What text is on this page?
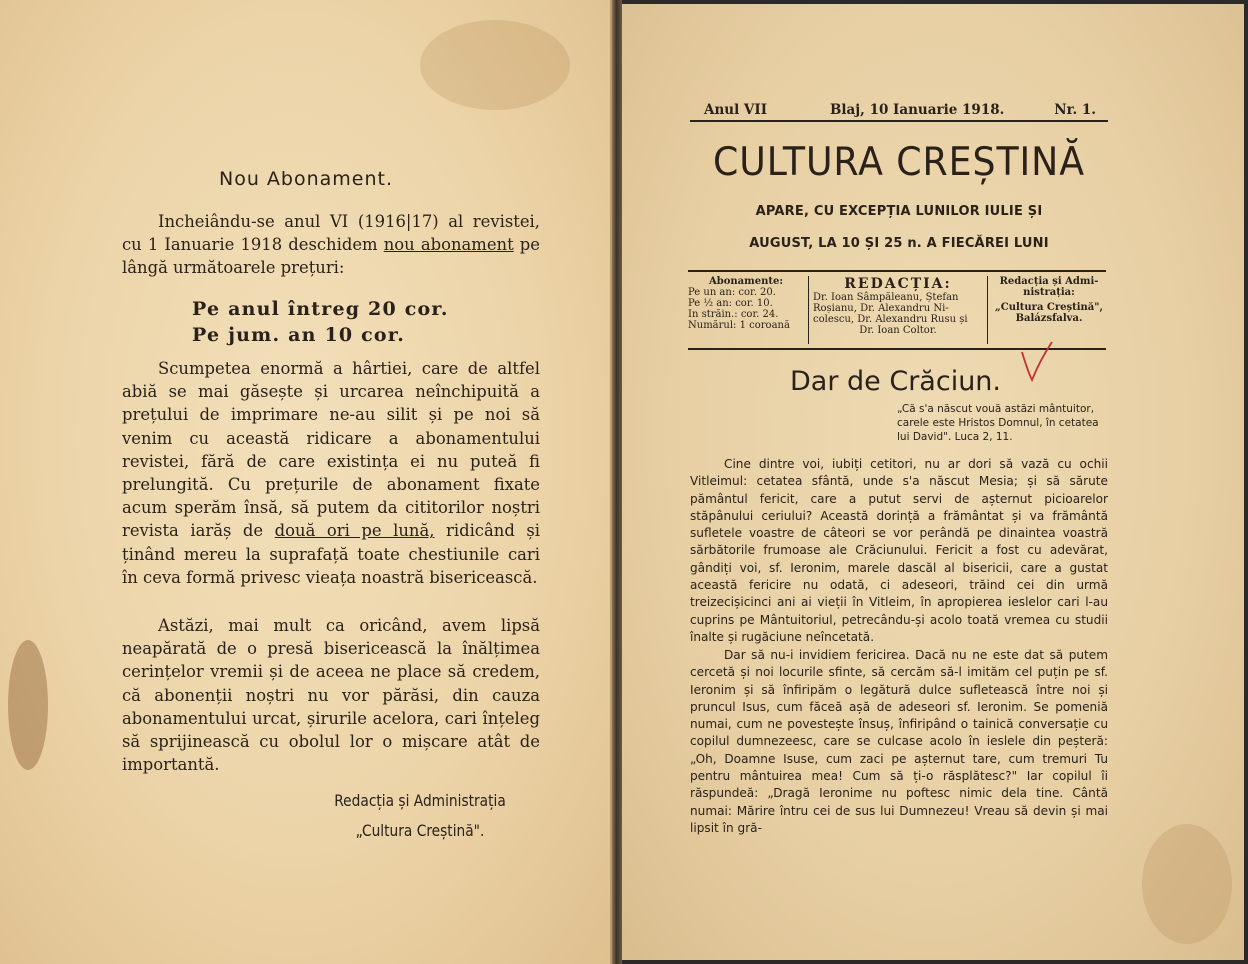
Nou Abonament.

Incheiându-se anul VI (1916|17) al revistei, cu 1 Ianuarie 1918 deschidem nou abonament pe lângă următoarele prețuri:

Pe anul întreg 20 cor.
Pe jum. an 10 cor.

Scumpetea enormă a hârtiei, care de altfel abiă se mai găsește și urcarea neînchipuită a prețului de imprimare ne-au silit și pe noi să venim cu această ridicare a abonamentului revistei, fără de care existința ei nu puteă fi prelungită. Cu prețurile de abonament fixate acum sperăm însă, să putem da cititorilor noștri revista iarăș de două ori pe lună, ridicând și ținând mereu la suprafață toate chestiunile cari în ceva formă privesc vieața noastră bisericească.

Astăzi, mai mult ca oricând, avem lipsă neapărată de o presă bisericească la înălțimea cerințelor vremii și de aceea ne place să credem, că abonenții noștri nu vor părăsi, din cauza abonamentului urcat, șirurile acelora, cari înțeleg să sprijinească cu obolul lor o mișcare atât de importantă.

Redacția și Administrația
„Cultura Creștină".
Anul VII	Blaj, 10 Ianuarie 1918.	Nr. 1.
CULTURA CREȘTINĂ
APARE, CU EXCEPȚIA LUNILOR IULIE ȘI
AUGUST, LA 10 ȘI 25 n. A FIECĂREI LUNI
Abonamente:
Pe un an: cor. 20.
Pe ½ an: cor. 10.
In străin.: cor. 24.
Numărul: 1 coroană
REDACȚIA:
Dr. Ioan Sâmpăleanu, Ștefan
Roșianu, Dr. Alexandru Ni-
colescu, Dr. Alexandru Rusu și
Dr. Ioan Coltor.
Redacția și Admi-
nistrația:
„Cultura Creștină",
Balázsfalva.
Dar de Crăciun.
„Că s'a născut vouă astăzi mântuitor, carele este Hristos Domnul, în cetatea lui David". Luca 2, 11.

Cine dintre voi, iubiți cetitori, nu ar dori să vază cu ochii Vitleimul: cetatea sfântă, unde s'a născut Mesia; și să sărute pământul fericit, care a putut servi de așternut picioarelor stăpânului ceriului? Această dorință a frământat și va frământă sufletele voastre de câteori se vor perândă pe dinaintea voastră sărbătorile frumoase ale Crăciunului. Fericit a fost cu adevărat, gândiți voi, sf. Ieronim, marele dascăl al bisericii, care a gustat această fericire nu odată, ci adeseori, trăind cei din urmă treizecișicinci ani ai vieții în Vitleim, în apropierea ieslelor cari l-au cuprins pe Mântuitoriul, petrecându-și acolo toată vremea cu studii înalte și rugăciune neîncetată.

Dar să nu-i invidiem fericirea. Dacă nu ne este dat să putem cercetă și noi locurile sfinte, să cercăm să-l imităm cel puțin pe sf. Ieronim și să înfiripăm o legătură dulce sufletească între noi și pruncul Isus, cum făceă așă de adeseori sf. Ieronim. Se pomeniă numai, cum ne povestește însuș, înfiripând o tainică conversație cu copilul dumnezeesc, care se culcase acolo în ieslele din peșteră: „Oh, Doamne Isuse, cum zaci pe așternut tare, cum tremuri Tu pentru mântuirea mea! Cum să ți-o răsplătesc?" Iar copilul îi răspundeă: „Dragă Ieronime nu poftesc nimic dela tine. Cântă numai: Mărire întru cei de sus lui Dumnezeu! Vreau să devin și mai lipsit în gră-
